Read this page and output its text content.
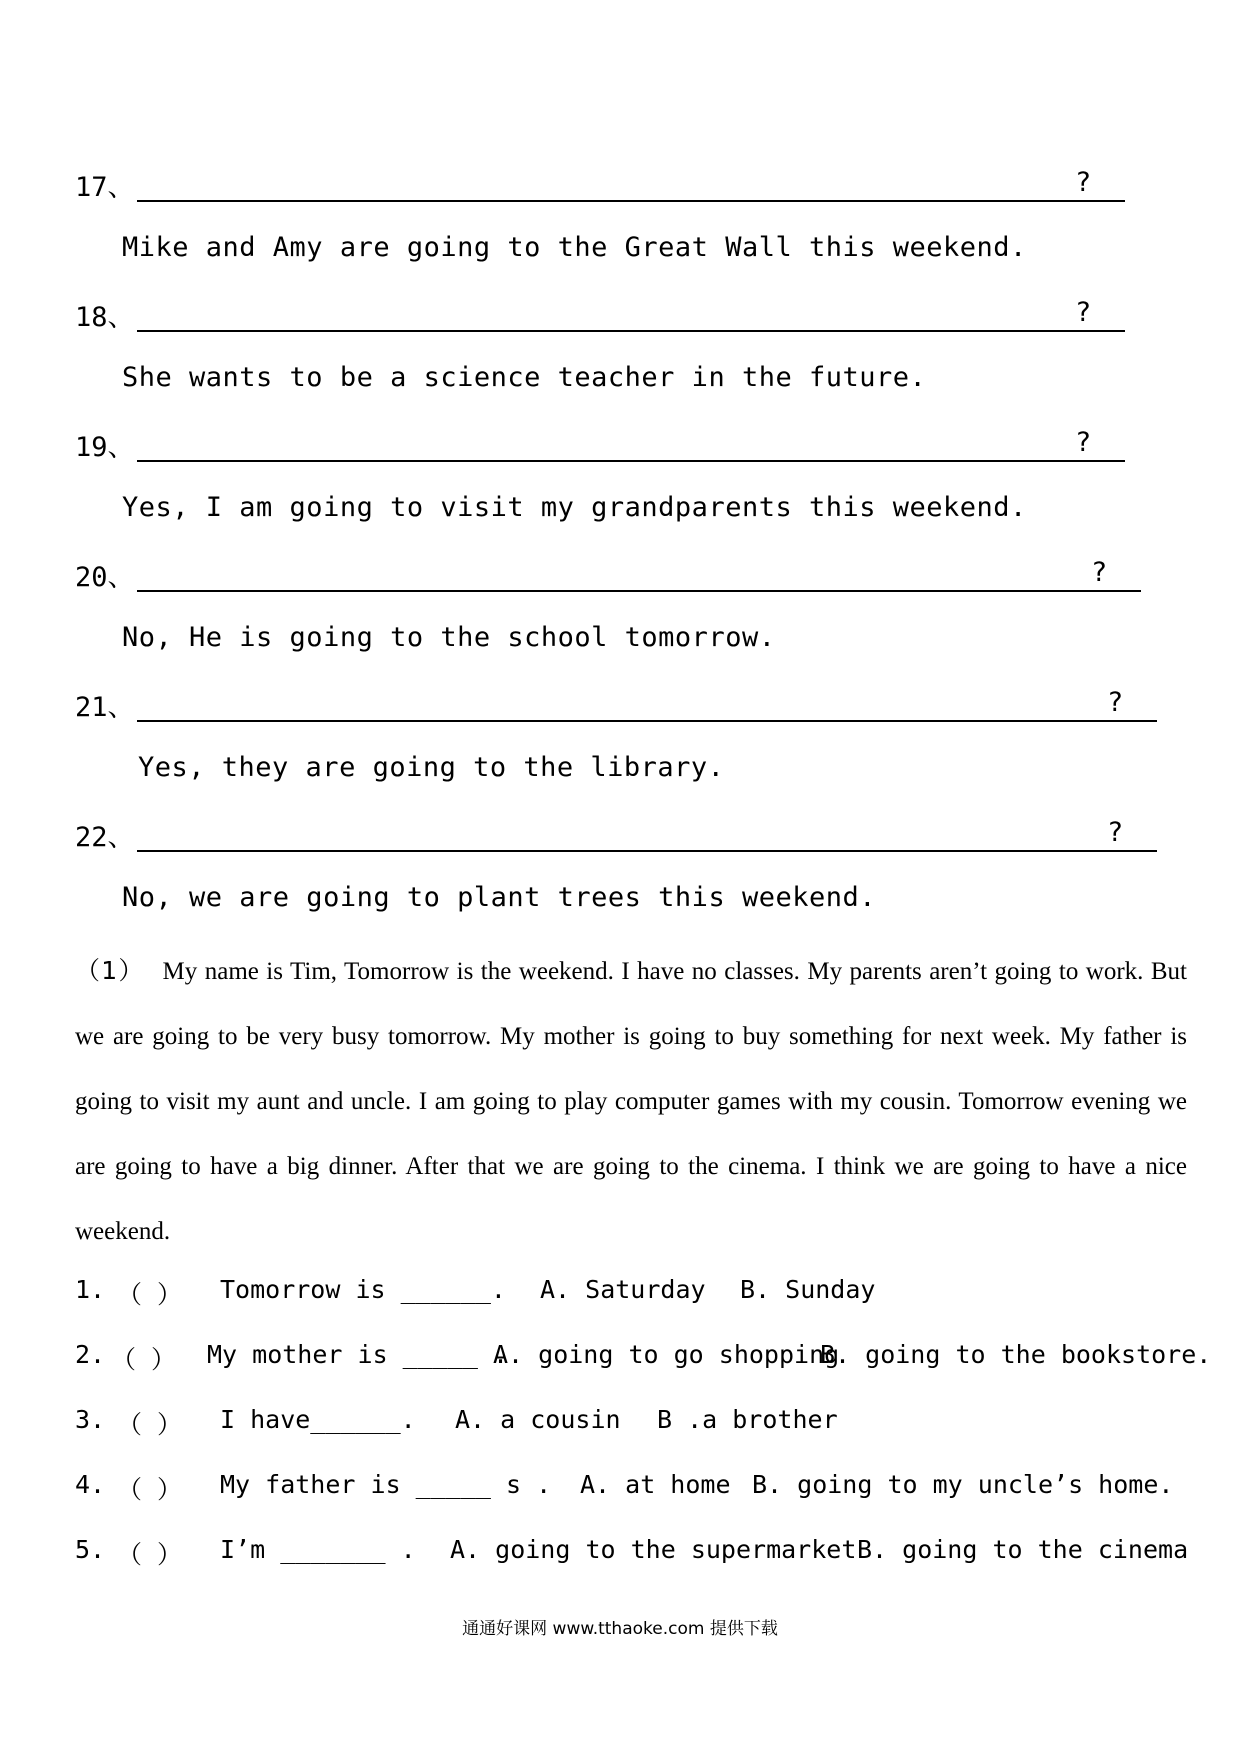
17、	?
Mike and Amy are going to the Great Wall this weekend.
18、	?
She wants to be a science teacher in the future.
19、	?
Yes, I am going to visit my grandparents this weekend.
20、	?
No, He is going to the school tomorrow.
21、	?
Yes, they are going to the library.
22、	?
No, we are going to plant trees this weekend.
（1） My name is Tim, Tomorrow is the weekend. I have no classes. My parents aren’t going to work. But we are going to be very busy tomorrow. My mother is going to buy something for next week. My father is going to visit my aunt and uncle. I am going to play computer games with my cousin. Tomorrow evening we are going to have a big dinner. After that we are going to the cinema. I think we are going to have a nice weekend.
1. （ ） Tomorrow is ______. A. Saturday B. Sunday
2. （ ） My mother is _____ .
A. going to go shopping
B. going to the bookstore.
3. （ ） I have______. A. a cousin B .a brother
4. （ ） My father is _____ s . A. at home B. going to my uncle’s home.
5. （ ） I’m _______ . A. going to the supermarket B. going to the cinema
通通好课网 www.tthaoke.com 提供下载
